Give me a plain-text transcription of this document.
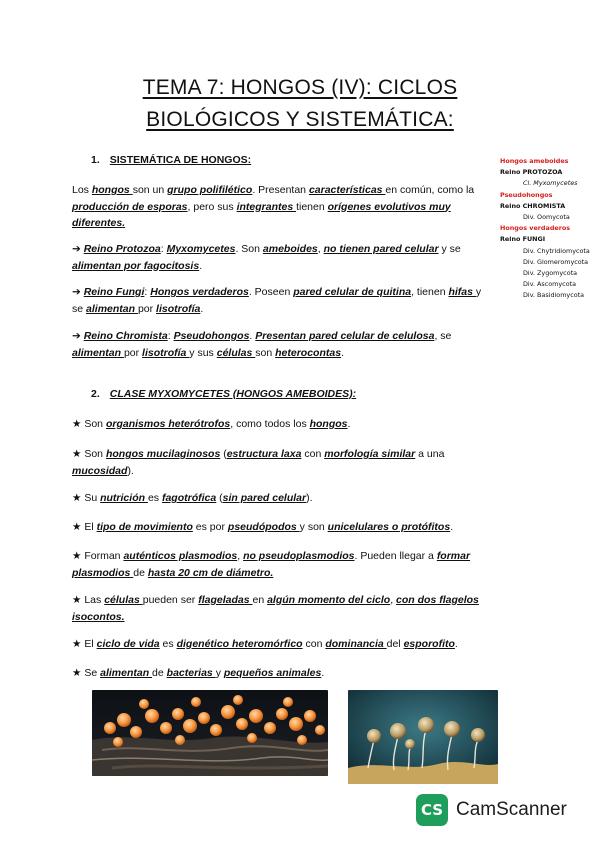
TEMA 7: HONGOS (IV): CICLOS
BIOLÓGICOS Y SISTEMÁTICA:
1. SISTEMÁTICA DE HONGOS:
Los hongos son un grupo polifilético. Presentan características en común, como la producción de esporas, pero sus integrantes tienen orígenes evolutivos muy diferentes.
➔ Reino Protozoa: Myxomycetes. Son ameboides, no tienen pared celular y se alimentan por fagocitosis.
➔ Reino Fungi: Hongos verdaderos. Poseen pared celular de quitina, tienen hifas y se alimentan por lisotrofía.
➔ Reino Chromista: Pseudohongos. Presentan pared celular de celulosa, se alimentan por lisotrofía y sus células son heterocontas.
Hongos ameboides
Reino PROTOZOA
Cl. Myxomycetes
Pseudohongos
Reino CHROMISTA
Div. Oomycota
Hongos verdaderos
Reino FUNGI
Div. Chytridiomycota
Div. Glomeromycota
Div. Zygomycota
Div. Ascomycota
Div. Basidiomycota
2. CLASE MYXOMYCETES (HONGOS AMEBOIDES):
★ Son organismos heterótrofos, como todos los hongos.
★ Son hongos mucilaginosos (estructura laxa con morfología similar a una mucosidad).
★ Su nutrición es fagotrófica (sin pared celular).
★ El tipo de movimiento es por pseudópodos y son unicelulares o protófitos.
★ Forman auténticos plasmodios, no pseudoplasmodios. Pueden llegar a formar plasmodios de hasta 20 cm de diámetro.
★ Las células pueden ser flageladas en algún momento del ciclo, con dos flagelos isocontos.
★ El ciclo de vida es digenético heteromórfico con dominancia del esporofito.
★ Se alimentan de bacterias y pequeños animales.
CS CamScanner
